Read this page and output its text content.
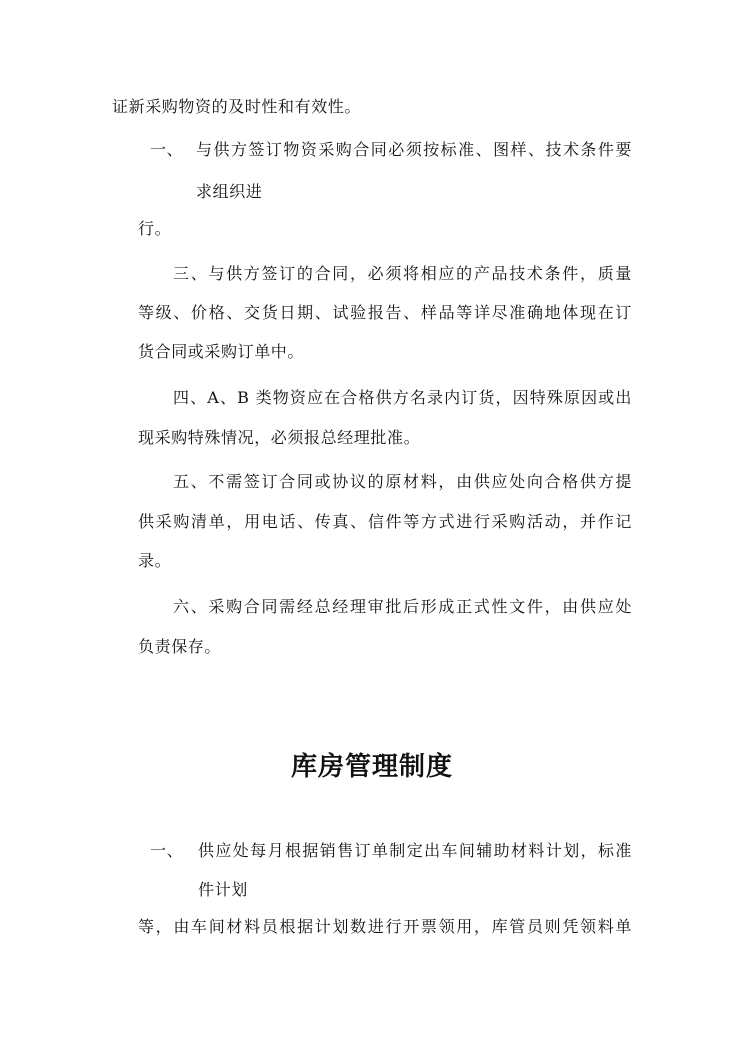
证新采购物资的及时性和有效性。
一、 与供方签订物资采购合同必须按标准、图样、技术条件要
求组织进
行。
三、与供方签订的合同，必须将相应的产品技术条件，质量
等级、价格、交货日期、试验报告、样品等详尽准确地体现在订
货合同或采购订单中。
四、A、B 类物资应在合格供方名录内订货，因特殊原因或出
现采购特殊情况，必须报总经理批准。
五、不需签订合同或协议的原材料，由供应处向合格供方提
供采购清单，用电话、传真、信件等方式进行采购活动，并作记
录。
六、采购合同需经总经理审批后形成正式性文件，由供应处
负责保存。
库房管理制度
一、 供应处每月根据销售订单制定出车间辅助材料计划，标准
件计划
等，由车间材料员根据计划数进行开票领用，库管员则凭领料单
